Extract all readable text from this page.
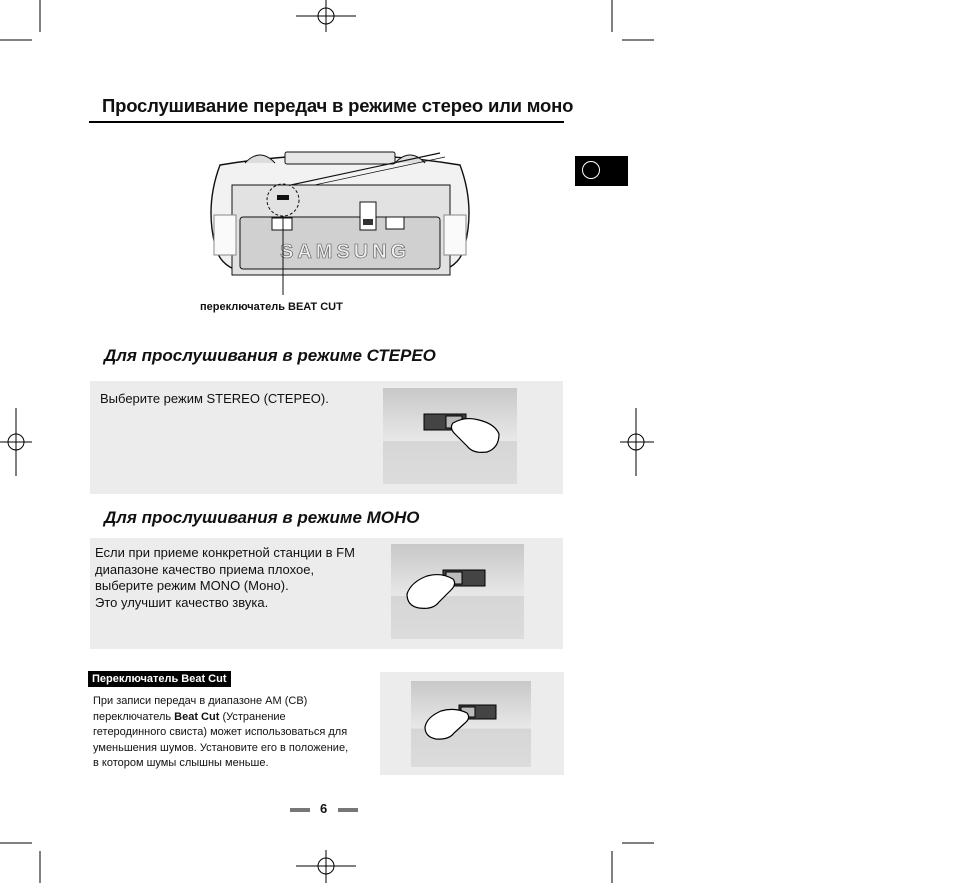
Прослушивание передач в режиме стерео или моно
SAMSUNG
переключатель BEAT CUT
Для прослушивания в режиме СТЕРЕО
Выберите режим STEREO (СТЕРЕО).
Для прослушивания в режиме МОНО
Если при приеме конкретной станции в FM
диапазоне качество приема плохое,
выберите режим MONO (Моно).
Это улучшит качество звука.
Переключатель Beat Cut
При записи передач в диапазоне AM (CB)
переключатель Beat Cut (Устранение
гетеродинного свиста) может использоваться для
уменьшения шумов. Установите его в положение,
в котором шумы слышны меньше.
6
